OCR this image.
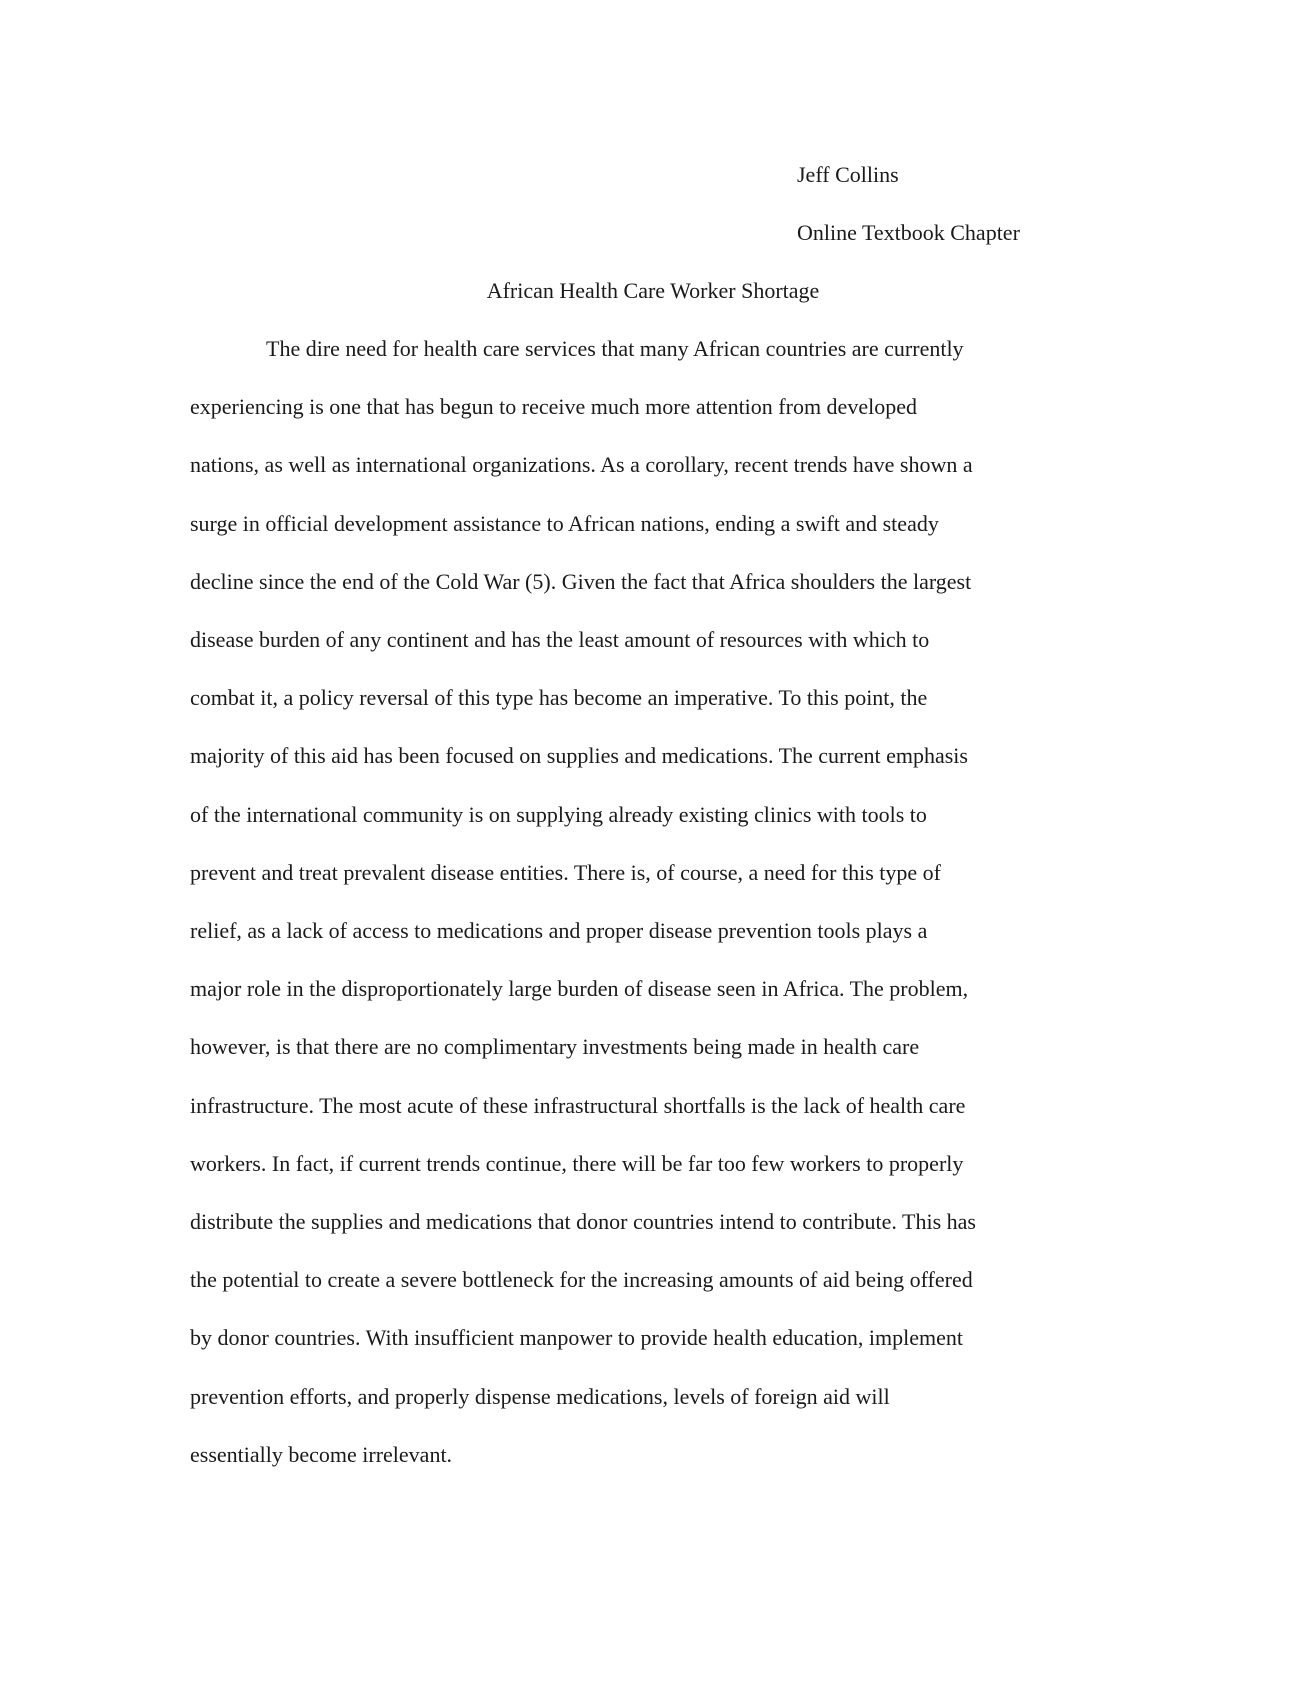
Jeff Collins
Online Textbook Chapter
African Health Care Worker Shortage
The dire need for health care services that many African countries are currently
experiencing is one that has begun to receive much more attention from developed
nations, as well as international organizations. As a corollary, recent trends have shown a
surge in official development assistance to African nations, ending a swift and steady
decline since the end of the Cold War (5). Given the fact that Africa shoulders the largest
disease burden of any continent and has the least amount of resources with which to
combat it, a policy reversal of this type has become an imperative. To this point, the
majority of this aid has been focused on supplies and medications. The current emphasis
of the international community is on supplying already existing clinics with tools to
prevent and treat prevalent disease entities. There is, of course, a need for this type of
relief, as a lack of access to medications and proper disease prevention tools plays a
major role in the disproportionately large burden of disease seen in Africa. The problem,
however, is that there are no complimentary investments being made in health care
infrastructure. The most acute of these infrastructural shortfalls is the lack of health care
workers. In fact, if current trends continue, there will be far too few workers to properly
distribute the supplies and medications that donor countries intend to contribute. This has
the potential to create a severe bottleneck for the increasing amounts of aid being offered
by donor countries. With insufficient manpower to provide health education, implement
prevention efforts, and properly dispense medications, levels of foreign aid will
essentially become irrelevant.
